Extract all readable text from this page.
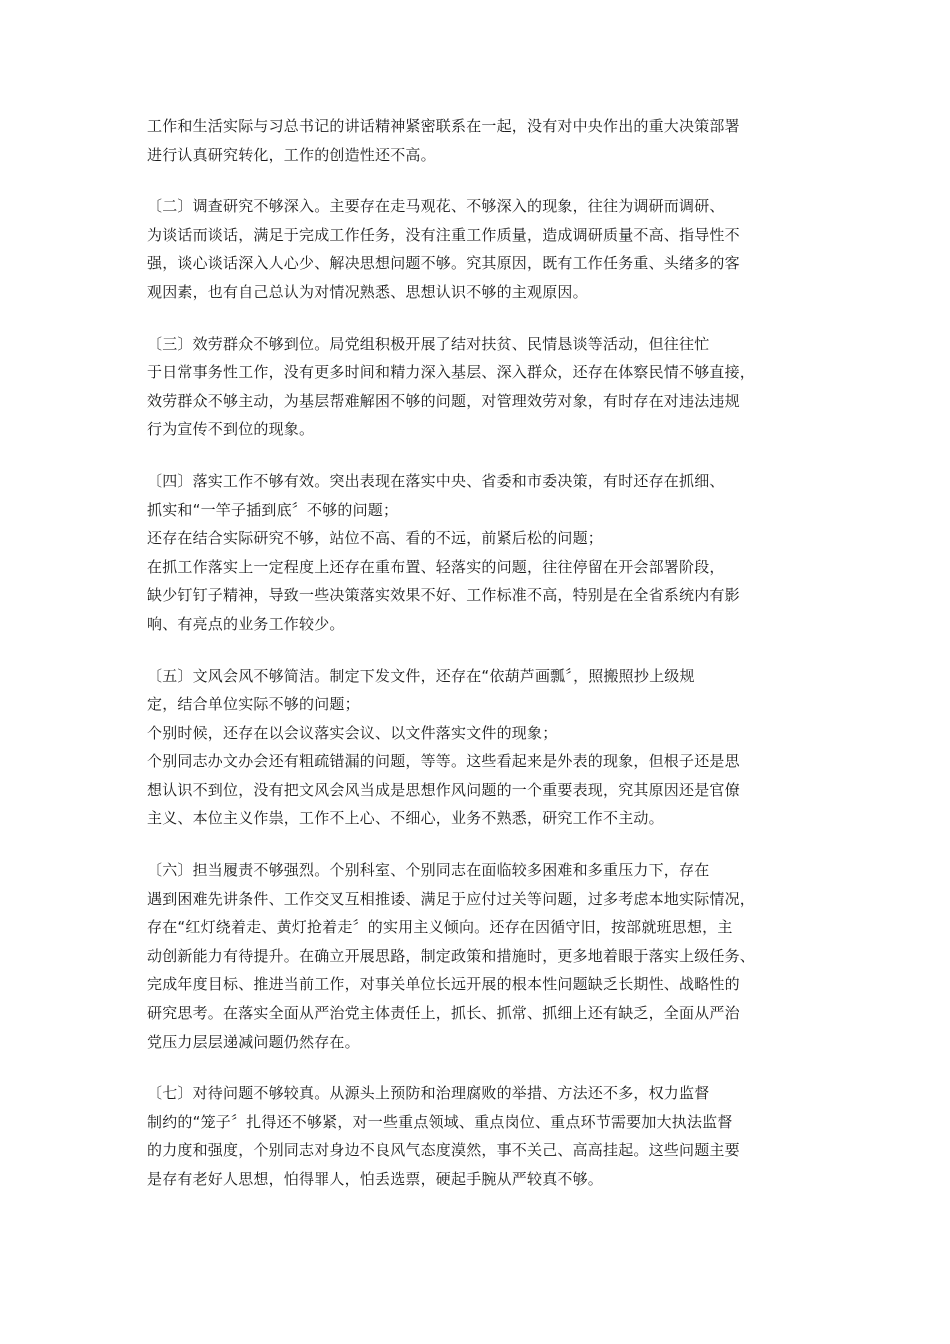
工作和生活实际与习总书记的讲话精神紧密联系在一起，没有对中央作出的重大决策部署
进行认真研究转化，工作的创造性还不高。
〔二〕调查研究不够深入。主要存在走马观花、不够深入的现象，往往为调研而调研、
为谈话而谈话，满足于完成工作任务，没有注重工作质量，造成调研质量不高、指导性不
强，谈心谈话深入人心少、解决思想问题不够。究其原因，既有工作任务重、头绪多的客
观因素，也有自己总认为对情况熟悉、思想认识不够的主观原因。
〔三〕效劳群众不够到位。局党组积极开展了结对扶贫、民情恳谈等活动，但往往忙
于日常事务性工作，没有更多时间和精力深入基层、深入群众，还存在体察民情不够直接，
效劳群众不够主动，为基层帮难解困不够的问题，对管理效劳对象，有时存在对违法违规
行为宣传不到位的现象。
〔四〕落实工作不够有效。突出表现在落实中央、省委和市委决策，有时还存在抓细、
抓实和“一竿子插到底〞不够的问题；
还存在结合实际研究不够，站位不高、看的不远，前紧后松的问题；
在抓工作落实上一定程度上还存在重布置、轻落实的问题，往往停留在开会部署阶段，
缺少钉钉子精神，导致一些决策落实效果不好、工作标准不高，特别是在全省系统内有影
响、有亮点的业务工作较少。
〔五〕文风会风不够简洁。制定下发文件，还存在“依葫芦画瓢〞，照搬照抄上级规
定，结合单位实际不够的问题；
个别时候，还存在以会议落实会议、以文件落实文件的现象；
个别同志办文办会还有粗疏错漏的问题，等等。这些看起来是外表的现象，但根子还是思
想认识不到位，没有把文风会风当成是思想作风问题的一个重要表现，究其原因还是官僚
主义、本位主义作祟，工作不上心、不细心，业务不熟悉，研究工作不主动。
〔六〕担当履责不够强烈。个别科室、个别同志在面临较多困难和多重压力下，存在
遇到困难先讲条件、工作交叉互相推诿、满足于应付过关等问题，过多考虑本地实际情况，
存在“红灯绕着走、黄灯抢着走〞的实用主义倾向。还存在因循守旧，按部就班思想，主
动创新能力有待提升。在确立开展思路，制定政策和措施时，更多地着眼于落实上级任务、
完成年度目标、推进当前工作，对事关单位长远开展的根本性问题缺乏长期性、战略性的
研究思考。在落实全面从严治党主体责任上，抓长、抓常、抓细上还有缺乏，全面从严治
党压力层层递减问题仍然存在。
〔七〕对待问题不够较真。从源头上预防和治理腐败的举措、方法还不多，权力监督
制约的“笼子〞扎得还不够紧，对一些重点领域、重点岗位、重点环节需要加大执法监督
的力度和强度，个别同志对身边不良风气态度漠然，事不关己、高高挂起。这些问题主要
是存有老好人思想，怕得罪人，怕丢选票，硬起手腕从严较真不够。
